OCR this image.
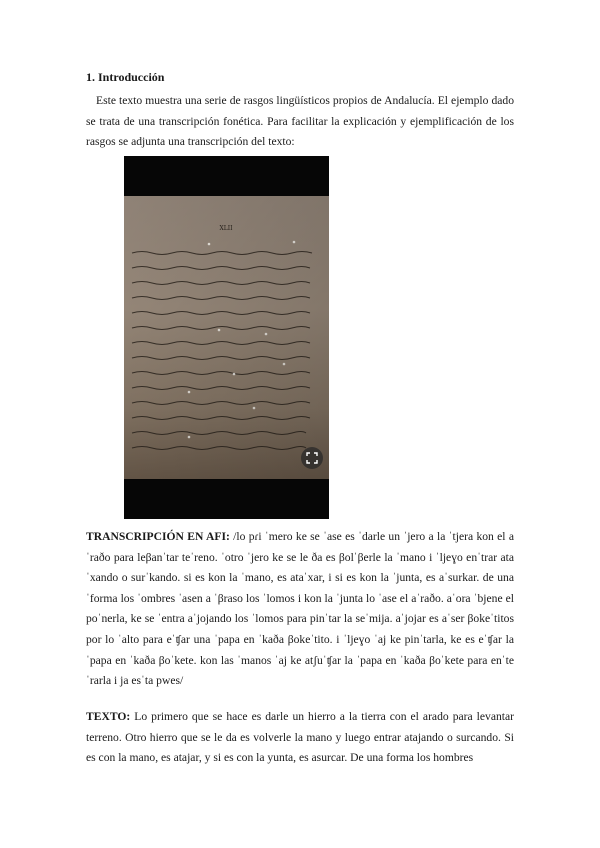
1. Introducción
Este texto muestra una serie de rasgos lingüísticos propios de Andalucía. El ejemplo dado se trata de una transcripción fonética. Para facilitar la explicación y ejemplificación de los rasgos se adjunta una transcripción del texto:
XLII
TRANSCRIPCIÓN EN AFI: /lo pɾi ˈmero ke se ˈase es ˈdarle un ˈjero a la ˈtjera kon el aˈraðo para leβanˈtar teˈreno. ˈotro ˈjero ke se le ða es βolˈβerle la ˈmano i ˈljeɣo enˈtrar ataˈxando o surˈkando. si es kon la ˈmano, es ataˈxar, i si es kon la ˈjunta, es aˈsurkar. de una ˈforma los ˈombres ˈasen a ˈβraso los ˈlomos i kon la ˈjunta lo ˈase el aˈraðo. aˈora ˈbjene el poˈnerla, ke se ˈentra aˈjojando los ˈlomos para pinˈtar la seˈmija. aˈjojar es aˈser βokeˈtitos por lo ˈalto para eˈʧar una ˈpapa en ˈkaða βokeˈtito. i ˈljeɣo ˈaj ke pinˈtarla, ke es eˈʧar la ˈpapa en ˈkaða βoˈkete. kon las ˈmanos ˈaj ke atʃuˈʧar la ˈpapa en ˈkaða βoˈkete para enˈteˈrarla i ja esˈta pwes/
TEXTO: Lo primero que se hace es darle un hierro a la tierra con el arado para levantar terreno. Otro hierro que se le da es volverle la mano y luego entrar atajando o surcando. Si es con la mano, es atajar, y si es con la yunta, es asurcar. De una forma los hombres
